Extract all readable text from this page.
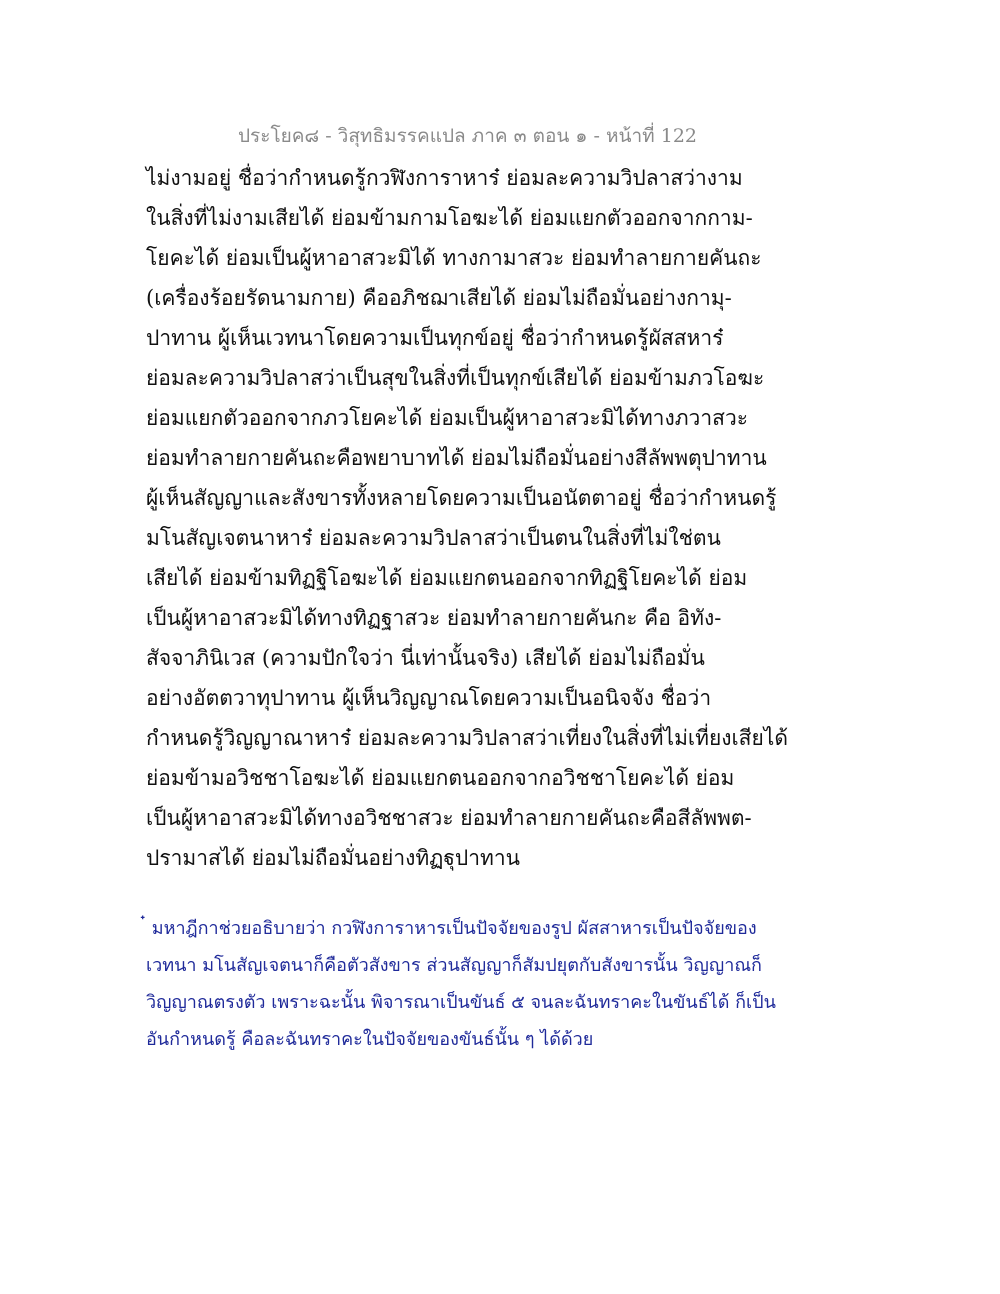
ประโยค๘ - วิสุทธิมรรคแปล ภาค ๓ ตอน ๑ - หน้าที่ 122
ไม่งามอยู่ ชื่อว่ากำหนดรู้กวฬิงการาหาร๋ ย่อมละความวิปลาสว่างาม
ในสิ่งที่ไม่งามเสียได้ ย่อมข้ามกามโอฆะได้ ย่อมแยกตัวออกจากกาม-
โยคะได้ ย่อมเป็นผู้หาอาสวะมิได้ ทางกามาสวะ ย่อมทำลายกายคันถะ
(เครื่องร้อยรัดนามกาย) คืออภิชฌาเสียได้ ย่อมไม่ถือมั่นอย่างกามุ-
ปาทาน ผู้เห็นเวทนาโดยความเป็นทุกข์อยู่ ชื่อว่ากำหนดรู้ผัสสหาร๋
ย่อมละความวิปลาสว่าเป็นสุขในสิ่งที่เป็นทุกข์เสียได้ ย่อมข้ามภวโอฆะ
ย่อมแยกตัวออกจากภวโยคะได้ ย่อมเป็นผู้หาอาสวะมิได้ทางภวาสวะ
ย่อมทำลายกายคันถะคือพยาบาทได้ ย่อมไม่ถือมั่นอย่างสีลัพพตุปาทาน
ผู้เห็นสัญญาและสังขารทั้งหลายโดยความเป็นอนัตตาอยู่ ชื่อว่ากำหนดรู้
มโนสัญเจตนาหาร๋ ย่อมละความวิปลาสว่าเป็นตนในสิ่งที่ไม่ใช่ตน
เสียได้ ย่อมข้ามทิฏฐิโอฆะได้ ย่อมแยกตนออกจากทิฏฐิโยคะได้ ย่อม
เป็นผู้หาอาสวะมิได้ทางทิฏฐาสวะ ย่อมทำลายกายคันกะ คือ อิทัง-
สัจจาภินิเวส (ความปักใจว่า นี่เท่านั้นจริง) เสียได้ ย่อมไม่ถือมั่น
อย่างอัตตวาทุปาทาน ผู้เห็นวิญญาณโดยความเป็นอนิจจัง ชื่อว่า
กำหนดรู้วิญญาณาหาร๋ ย่อมละความวิปลาสว่าเที่ยงในสิ่งที่ไม่เที่ยงเสียได้
ย่อมข้ามอวิชชาโอฆะได้ ย่อมแยกตนออกจากอวิชชาโยคะได้ ย่อม
เป็นผู้หาอาสวะมิได้ทางอวิชชาสวะ ย่อมทำลายกายคันถะคือสีลัพพต-
ปรามาสได้ ย่อมไม่ถือมั่นอย่างทิฏฐุปาทาน
๋ มหาฎีกาช่วยอธิบายว่า กวฬิงการาหารเป็นปัจจัยของรูป ผัสสาหารเป็นปัจจัยของ
เวทนา มโนสัญเจตนาก็คือตัวสังขาร ส่วนสัญญาก็สัมปยุตกับสังขารนั้น วิญญาณก็
วิญญาณตรงตัว เพราะฉะนั้น พิจารณาเป็นขันธ์ ๕ จนละฉันทราคะในขันธ์ได้ ก็เป็น
อันกำหนดรู้ คือละฉันทราคะในปัจจัยของขันธ์นั้น ๆ ได้ด้วย
